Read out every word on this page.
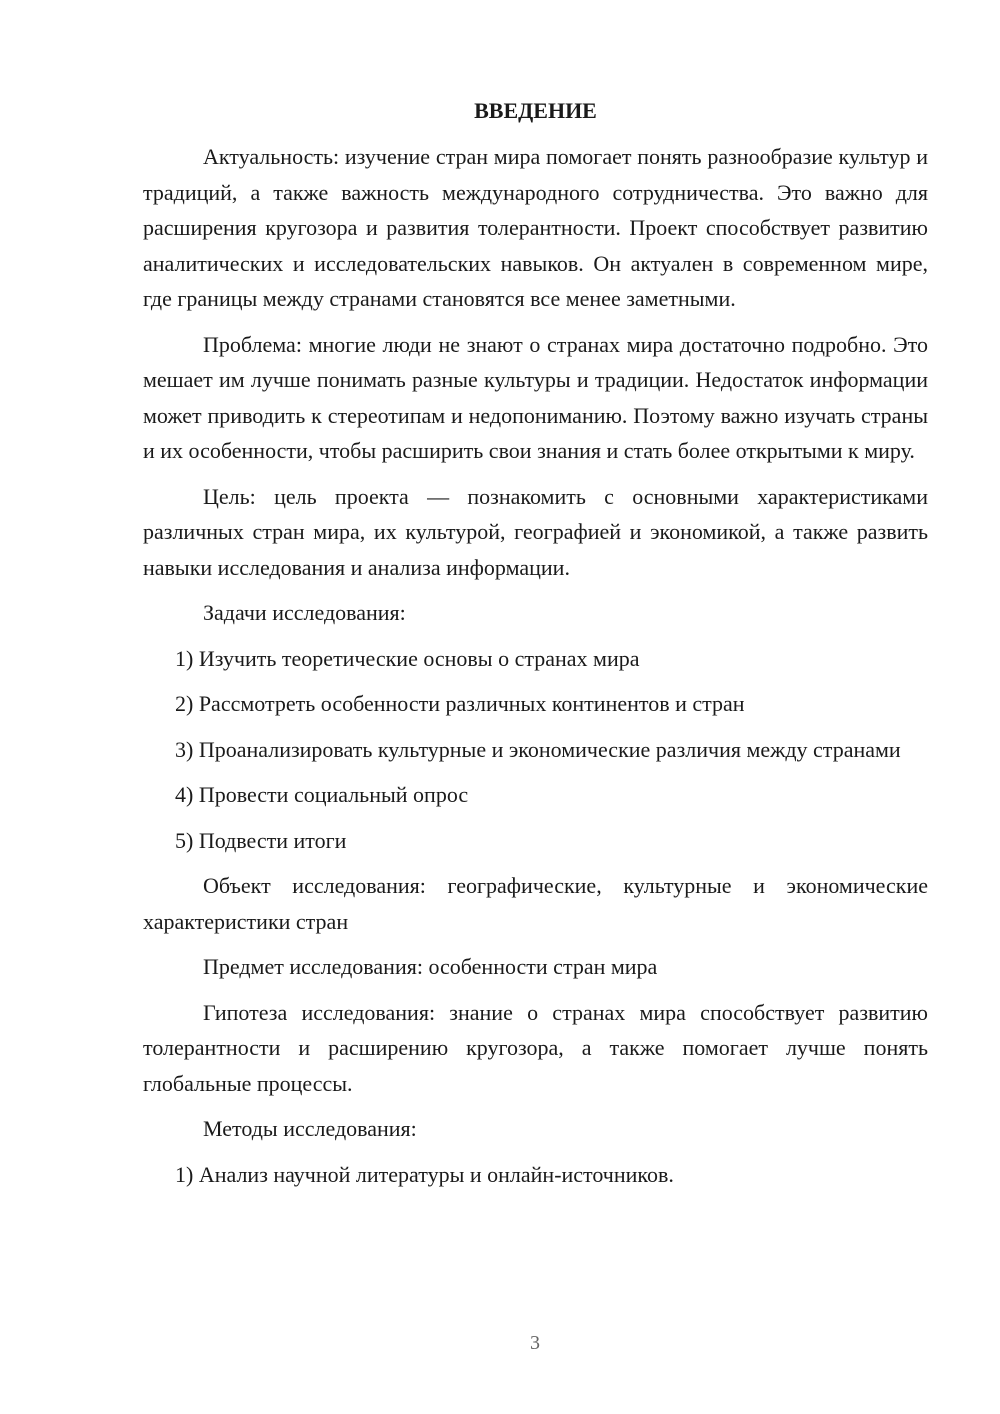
ВВЕДЕНИЕ

Актуальность: изучение стран мира помогает понять разнообразие культур и традиций, а также важность международного сотрудничества. Это важно для расширения кругозора и развития толерантности. Проект способствует развитию аналитических и исследовательских навыков. Он актуален в современном мире, где границы между странами становятся все менее заметными.

Проблема: многие люди не знают о странах мира достаточно подробно. Это мешает им лучше понимать разные культуры и традиции. Недостаток информации может приводить к стереотипам и недопониманию. Поэтому важно изучать страны и их особенности, чтобы расширить свои знания и стать более открытыми к миру.

Цель: цель проекта — познакомить с основными характеристиками различных стран мира, их культурой, географией и экономикой, а также развить навыки исследования и анализа информации.

Задачи исследования:

1) Изучить теоретические основы о странах мира

2) Рассмотреть особенности различных континентов и стран

3) Проанализировать культурные и экономические различия между странами

4) Провести социальный опрос

5) Подвести итоги

Объект исследования: географические, культурные и экономические характеристики стран

Предмет исследования: особенности стран мира

Гипотеза исследования: знание о странах мира способствует развитию толерантности и расширению кругозора, а также помогает лучше понять глобальные процессы.

Методы исследования:

1) Анализ научной литературы и онлайн-источников.

3
